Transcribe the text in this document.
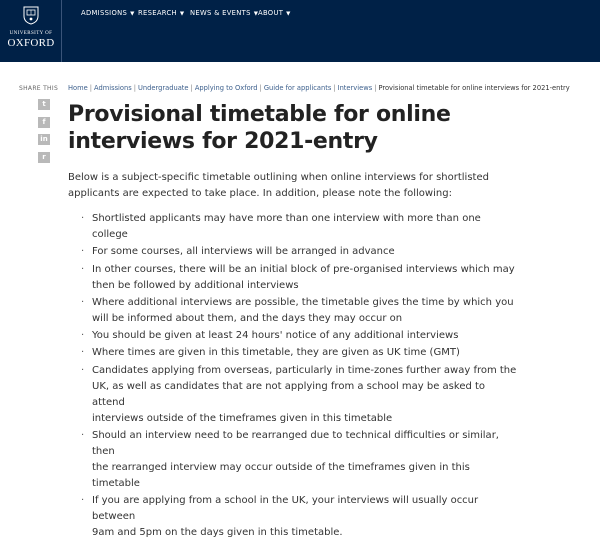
UNIVERSITY OF
OXFORD
ADMISSIONS ▼ RESEARCH ▼ NEWS & EVENTS ▼ ABOUT ▼
SHARE THIS
t
f
in
r
Home | Admissions | Undergraduate | Applying to Oxford | Guide for applicants | Interviews | Provisional timetable for online interviews for 2021-entry
Provisional timetable for online
interviews for 2021-entry

Below is a subject-specific timetable outlining when online interviews for shortlisted
applicants are expected to take place. In addition, please note the following:

· Shortlisted applicants may have more than one interview with more than one college
· For some courses, all interviews will be arranged in advance
· In other courses, there will be an initial block of pre-organised interviews which may
then be followed by additional interviews
· Where additional interviews are possible, the timetable gives the time by which you
will be informed about them, and the days they may occur on
· You should be given at least 24 hours' notice of any additional interviews
· Where times are given in this timetable, they are given as UK time (GMT)
· Candidates applying from overseas, particularly in time-zones further away from the
UK, as well as candidates that are not applying from a school may be asked to attend
interviews outside of the timeframes given in this timetable
· Should an interview need to be rearranged due to technical difficulties or similar, then
the rearranged interview may occur outside of the timeframes given in this timetable
· If you are applying from a school in the UK, your interviews will usually occur between
9am and 5pm on the days given in this timetable.
